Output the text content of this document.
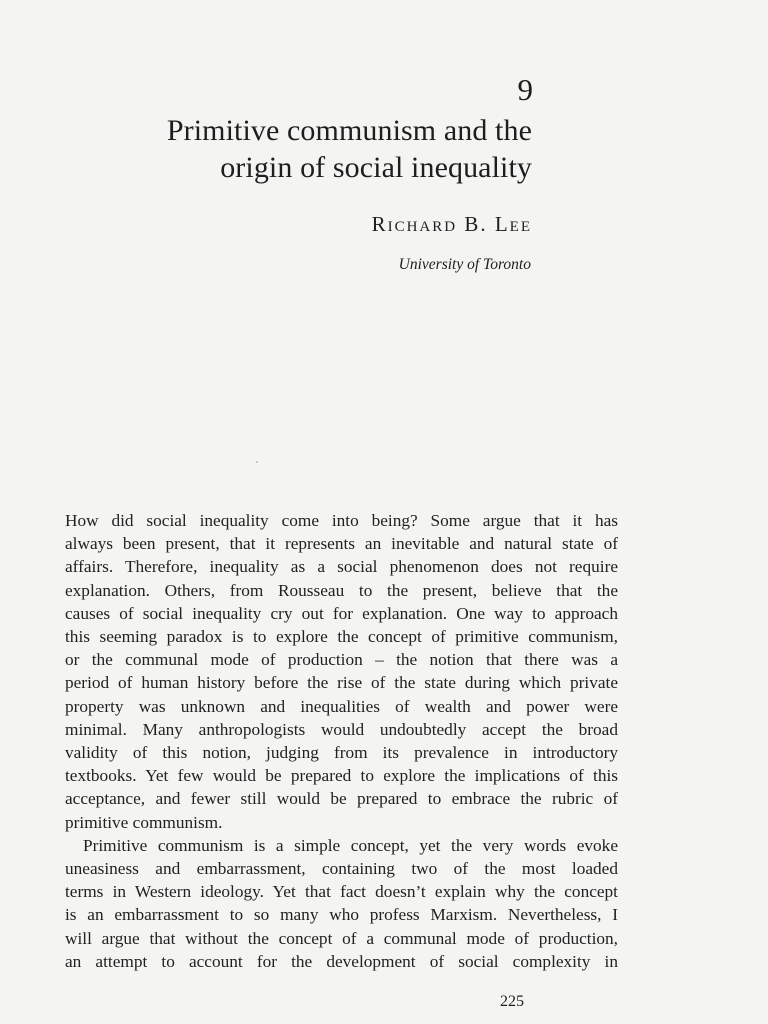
9
Primitive communism and the
origin of social inequality
Richard B. Lee
University of Toronto
How did social inequality come into being? Some argue that it has
always been present, that it represents an inevitable and natural state of
affairs. Therefore, inequality as a social phenomenon does not require
explanation. Others, from Rousseau to the present, believe that the
causes of social inequality cry out for explanation. One way to approach
this seeming paradox is to explore the concept of primitive communism,
or the communal mode of production – the notion that there was a
period of human history before the rise of the state during which private
property was unknown and inequalities of wealth and power were
minimal. Many anthropologists would undoubtedly accept the broad
validity of this notion, judging from its prevalence in introductory
textbooks. Yet few would be prepared to explore the implications of this
acceptance, and fewer still would be prepared to embrace the rubric of
primitive communism.
Primitive communism is a simple concept, yet the very words evoke
uneasiness and embarrassment, containing two of the most loaded
terms in Western ideology. Yet that fact doesn’t explain why the concept
is an embarrassment to so many who profess Marxism. Nevertheless, I
will argue that without the concept of a communal mode of production,
an attempt to account for the development of social complexity in
225
